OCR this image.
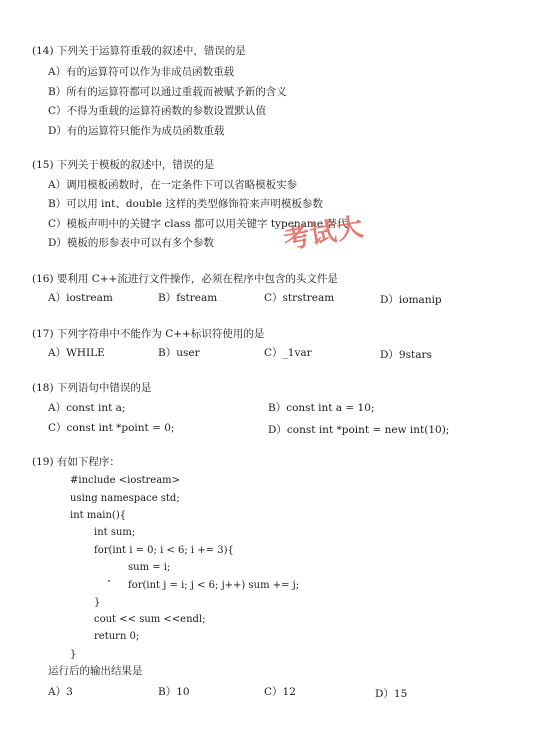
(14) 下列关于运算符重载的叙述中，错误的是
A）有的运算符可以作为非成员函数重载
B）所有的运算符都可以通过重载而被赋予新的含义
C）不得为重载的运算符函数的参数设置默认值
D）有的运算符只能作为成员函数重载
(15) 下列关于模板的叙述中，错误的是
A）调用模板函数时，在一定条件下可以省略模板实参
B）可以用 int、double 这样的类型修饰符来声明模板参数
C）模板声明中的关键字 class 都可以用关键字 typename 替代
D）模板的形参表中可以有多个参数	考试大
(16) 要利用 C++流进行文件操作，必须在程序中包含的头文件是
A）iostream	B）fstream	C）strstream	D）iomanip
(17) 下列字符串中不能作为 C++标识符使用的是
A）WHILE	B）user	C）_1var	D）9stars
(18) 下列语句中错误的是
A）const int a;	B）const int a = 10;
C）const int *point = 0;	D）const int *point = new int(10);
(19) 有如下程序：
#include <iostream>
using namespace std;
int main(){
int sum;
for(int i = 0; i < 6; i += 3){
sum = i;
for(int j = i; j < 6; j++) sum += j;
}
cout << sum <<endl;
return 0;
}
运行后的输出结果是
A）3	B）10	C）12	D）15
